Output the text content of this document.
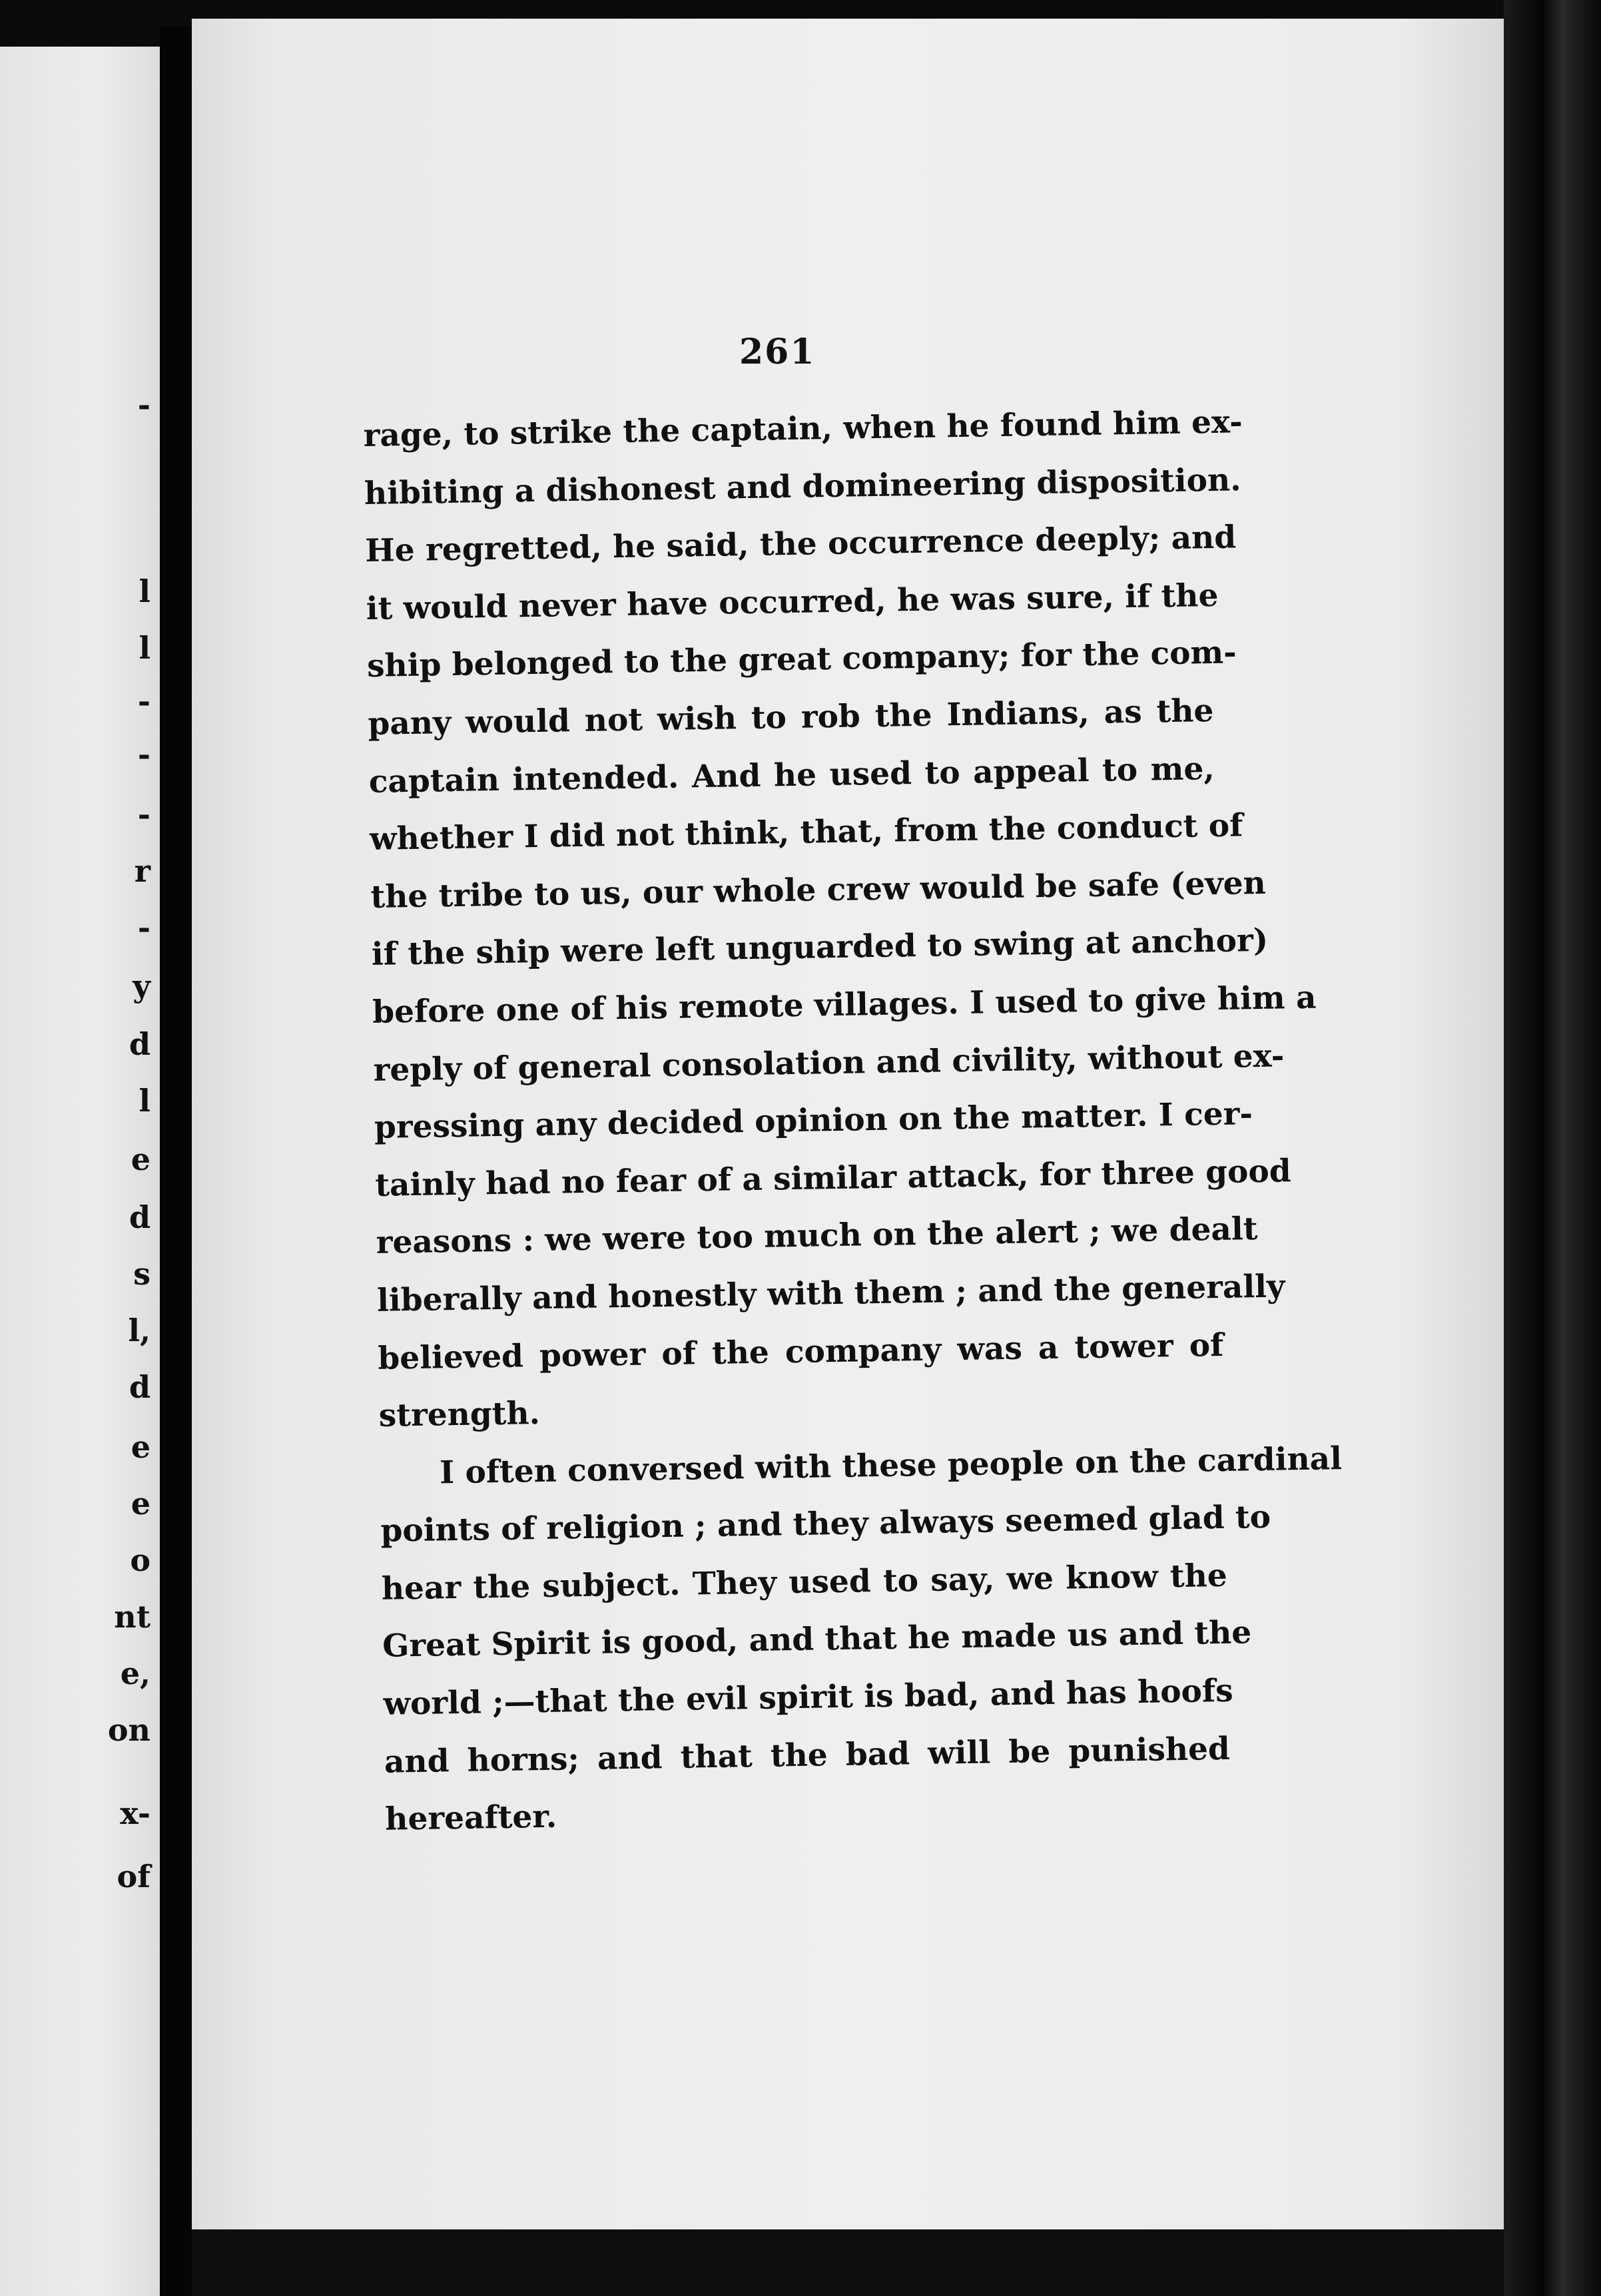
-
l
l
-
-
-
r
-
y
d
l
e
d
s
l,
d
e
e
o
nt
e,
on
x-
of
261
rage, to strike the captain, when he found him ex-
hibiting a dishonest and domineering disposition.
He regretted, he said, the occurrence deeply; and
it would never have occurred, he was sure, if the
ship belonged to the great company; for the com-
pany would not wish to rob the Indians, as the
captain intended. And he used to appeal to me,
whether I did not think, that, from the conduct of
the tribe to us, our whole crew would be safe (even
if the ship were left unguarded to swing at anchor)
before one of his remote villages. I used to give him a
reply of general consolation and civility, without ex-
pressing any decided opinion on the matter. I cer-
tainly had no fear of a similar attack, for three good
reasons : we were too much on the alert ; we dealt
liberally and honestly with them ; and the generally
believed power of the company was a tower of
strength.
I often conversed with these people on the cardinal
points of religion ; and they always seemed glad to
hear the subject. They used to say, we know the
Great Spirit is good, and that he made us and the
world ;—that the evil spirit is bad, and has hoofs
and horns; and that the bad will be punished
hereafter.
